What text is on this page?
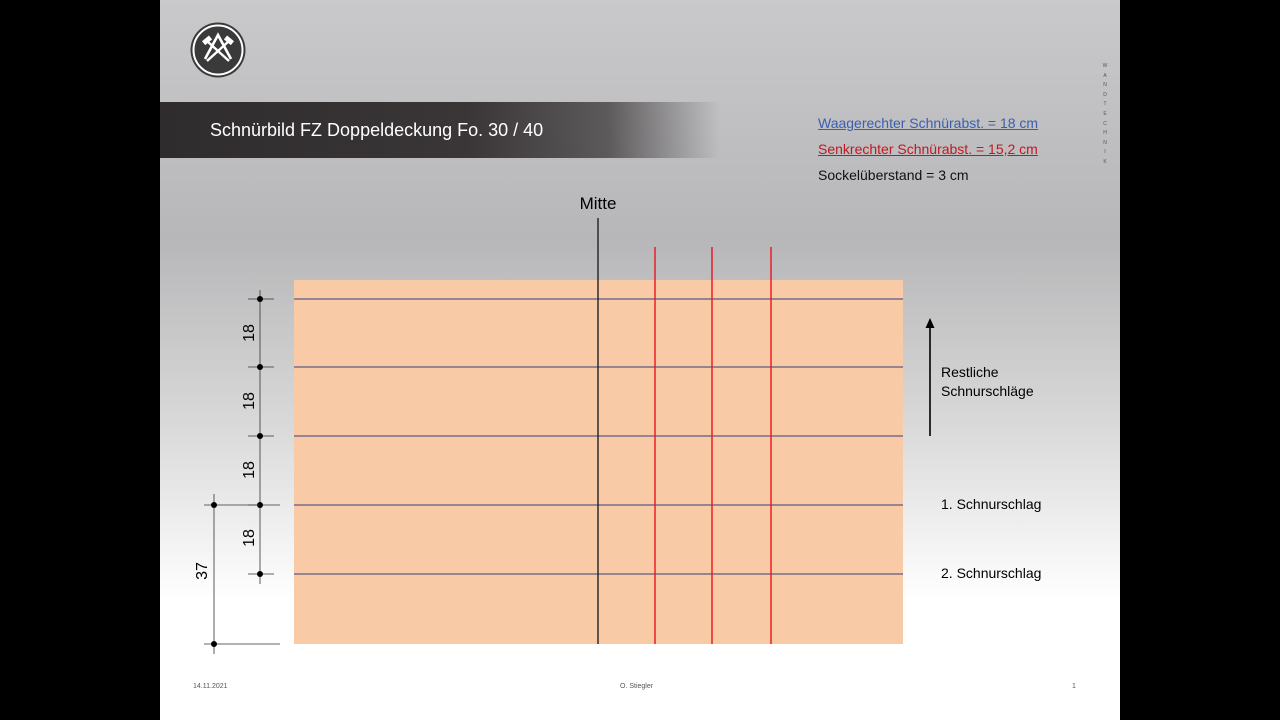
Schnürbild FZ Doppeldeckung Fo. 30 / 40	Waagerechter Schnürabst. = 18 cm
Senkrechter Schnürabst. = 15,2 cm
Sockelüberstand = 3 cm
W
A
N
D
T
E
C
H
N
I
K
Mitte
18
18
18
18
37
Restliche Schnurschläge
1. Schnurschlag
2. Schnurschlag
14.11.2021	O. Stiegler	1
